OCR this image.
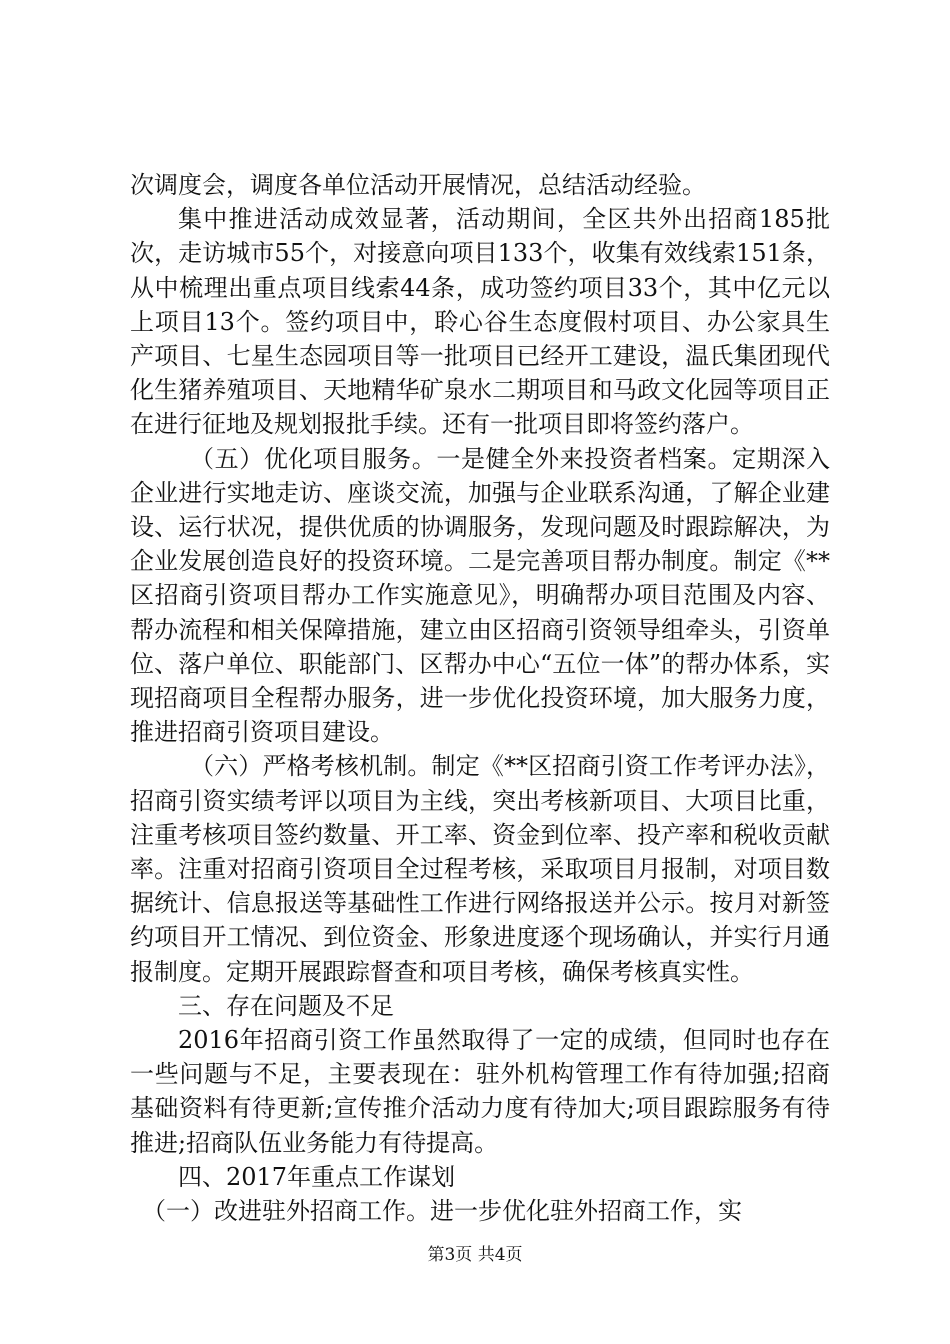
次调度会，调度各单位活动开展情况，总结活动经验。

集中推进活动成效显著，活动期间，全区共外出招商185批次，走访城市55个，对接意向项目133个，收集有效线索151条，从中梳理出重点项目线索44条，成功签约项目33个，其中亿元以上项目13个。签约项目中，聆心谷生态度假村项目、办公家具生产项目、七星生态园项目等一批项目已经开工建设，温氏集团现代化生猪养殖项目、天地精华矿泉水二期项目和马政文化园等项目正在进行征地及规划报批手续。还有一批项目即将签约落户。

（五）优化项目服务。一是健全外来投资者档案。定期深入企业进行实地走访、座谈交流，加强与企业联系沟通，了解企业建设、运行状况，提供优质的协调服务，发现问题及时跟踪解决，为企业发展创造良好的投资环境。二是完善项目帮办制度。制定《**区招商引资项目帮办工作实施意见》，明确帮办项目范围及内容、帮办流程和相关保障措施，建立由区招商引资领导组牵头，引资单位、落户单位、职能部门、区帮办中心“五位一体”的帮办体系，实现招商项目全程帮办服务，进一步优化投资环境，加大服务力度，推进招商引资项目建设。

（六）严格考核机制。制定《**区招商引资工作考评办法》，招商引资实绩考评以项目为主线，突出考核新项目、大项目比重，注重考核项目签约数量、开工率、资金到位率、投产率和税收贡献率。注重对招商引资项目全过程考核，采取项目月报制，对项目数据统计、信息报送等基础性工作进行网络报送并公示。按月对新签约项目开工情况、到位资金、形象进度逐个现场确认，并实行月通报制度。定期开展跟踪督查和项目考核，确保考核真实性。

三、存在问题及不足

2016年招商引资工作虽然取得了一定的成绩，但同时也存在一些问题与不足，主要表现在：驻外机构管理工作有待加强;招商基础资料有待更新;宣传推介活动力度有待加大;项目跟踪服务有待推进;招商队伍业务能力有待提高。

四、2017年重点工作谋划

（一）改进驻外招商工作。进一步优化驻外招商工作，实

第3页 共4页
